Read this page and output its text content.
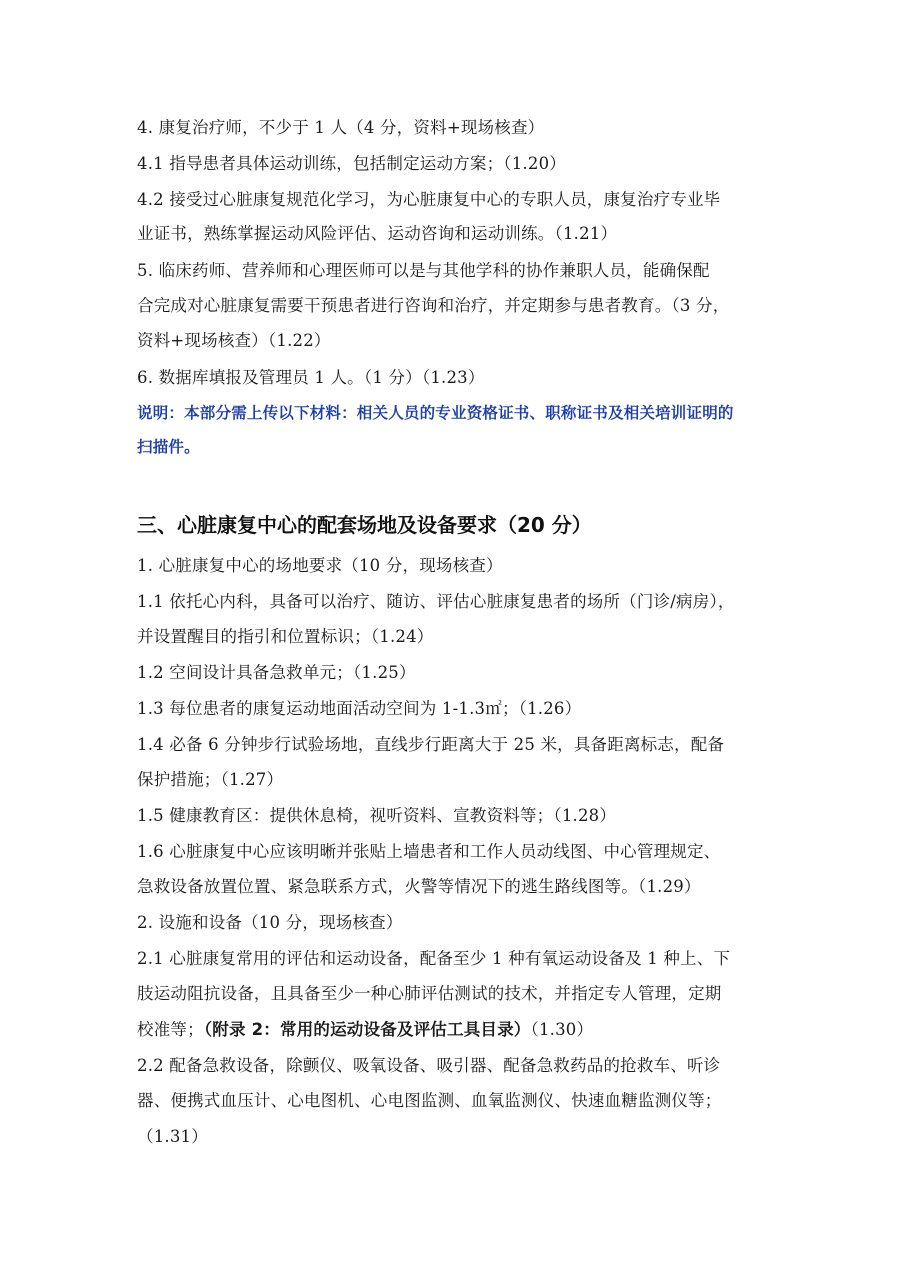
4. 康复治疗师，不少于 1 人（4 分，资料+现场核查）
4.1 指导患者具体运动训练，包括制定运动方案；（1.20）
4.2 接受过心脏康复规范化学习，为心脏康复中心的专职人员，康复治疗专业毕
业证书，熟练掌握运动风险评估、运动咨询和运动训练。（1.21）
5. 临床药师、营养师和心理医师可以是与其他学科的协作兼职人员，能确保配
合完成对心脏康复需要干预患者进行咨询和治疗，并定期参与患者教育。（3 分，
资料+现场核查）（1.22）
6. 数据库填报及管理员 1 人。（1 分）（1.23）
说明：本部分需上传以下材料：相关人员的专业资格证书、职称证书及相关培训证明的
扫描件。
三、心脏康复中心的配套场地及设备要求（20 分）
1. 心脏康复中心的场地要求（10 分，现场核查）
1.1 依托心内科，具备可以治疗、随访、评估心脏康复患者的场所（门诊/病房），
并设置醒目的指引和位置标识；（1.24）
1.2 空间设计具备急救单元；（1.25）
1.3 每位患者的康复运动地面活动空间为 1-1.3㎡；（1.26）
1.4 必备 6 分钟步行试验场地，直线步行距离大于 25 米，具备距离标志，配备
保护措施；（1.27）
1.5 健康教育区：提供休息椅，视听资料、宣教资料等；（1.28）
1.6 心脏康复中心应该明晰并张贴上墙患者和工作人员动线图、中心管理规定、
急救设备放置位置、紧急联系方式，火警等情况下的逃生路线图等。（1.29）
2. 设施和设备（10 分，现场核查）
2.1 心脏康复常用的评估和运动设备，配备至少 1 种有氧运动设备及 1 种上、下
肢运动阻抗设备，且具备至少一种心肺评估测试的技术，并指定专人管理，定期
校准等；（附录 2：常用的运动设备及评估工具目录）（1.30）
2.2 配备急救设备，除颤仪、吸氧设备、吸引器、配备急救药品的抢救车、听诊
器、便携式血压计、心电图机、心电图监测、血氧监测仪、快速血糖监测仪等；
（1.31）
